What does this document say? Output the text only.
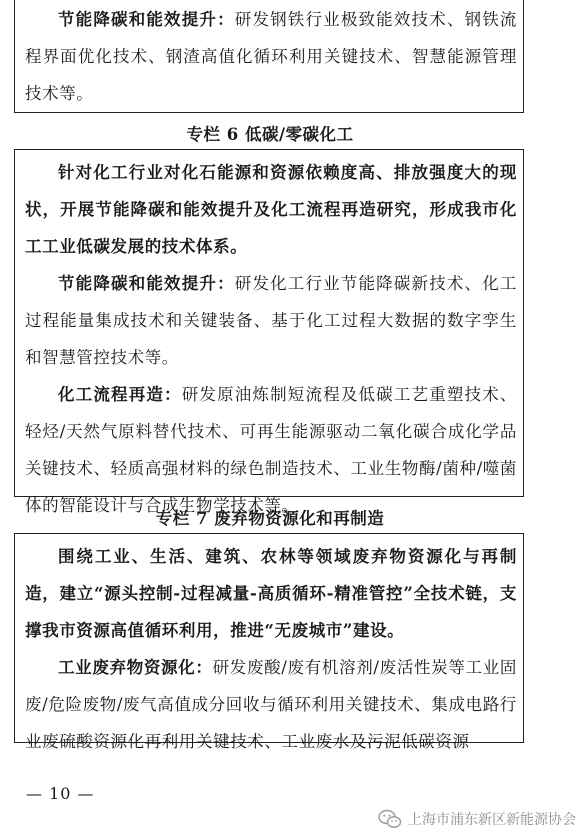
节能降碳和能效提升：研发钢铁行业极致能效技术、钢铁流程界面优化技术、钢渣高值化循环利用关键技术、智慧能源管理技术等。

专栏 6 低碳/零碳化工

针对化工行业对化石能源和资源依赖度高、排放强度大的现状，开展节能降碳和能效提升及化工流程再造研究，形成我市化工工业低碳发展的技术体系。

节能降碳和能效提升：研发化工行业节能降碳新技术、化工过程能量集成技术和关键装备、基于化工过程大数据的数字孪生和智慧管控技术等。

化工流程再造：研发原油炼制短流程及低碳工艺重塑技术、轻烃/天然气原料替代技术、可再生能源驱动二氧化碳合成化学品关键技术、轻质高强材料的绿色制造技术、工业生物酶/菌种/噬菌体的智能设计与合成生物学技术等。

专栏 7 废弃物资源化和再制造

围绕工业、生活、建筑、农林等领域废弃物资源化与再制造，建立“源头控制-过程减量-高质循环-精准管控”全技术链，支撑我市资源高值循环利用，推进“无废城市”建设。

工业废弃物资源化：研发废酸/废有机溶剂/废活性炭等工业固废/危险废物/废气高值成分回收与循环利用关键技术、集成电路行业废硫酸资源化再利用关键技术、工业废水及污泥低碳资源

— 10 —
上海市浦东新区新能源协会
